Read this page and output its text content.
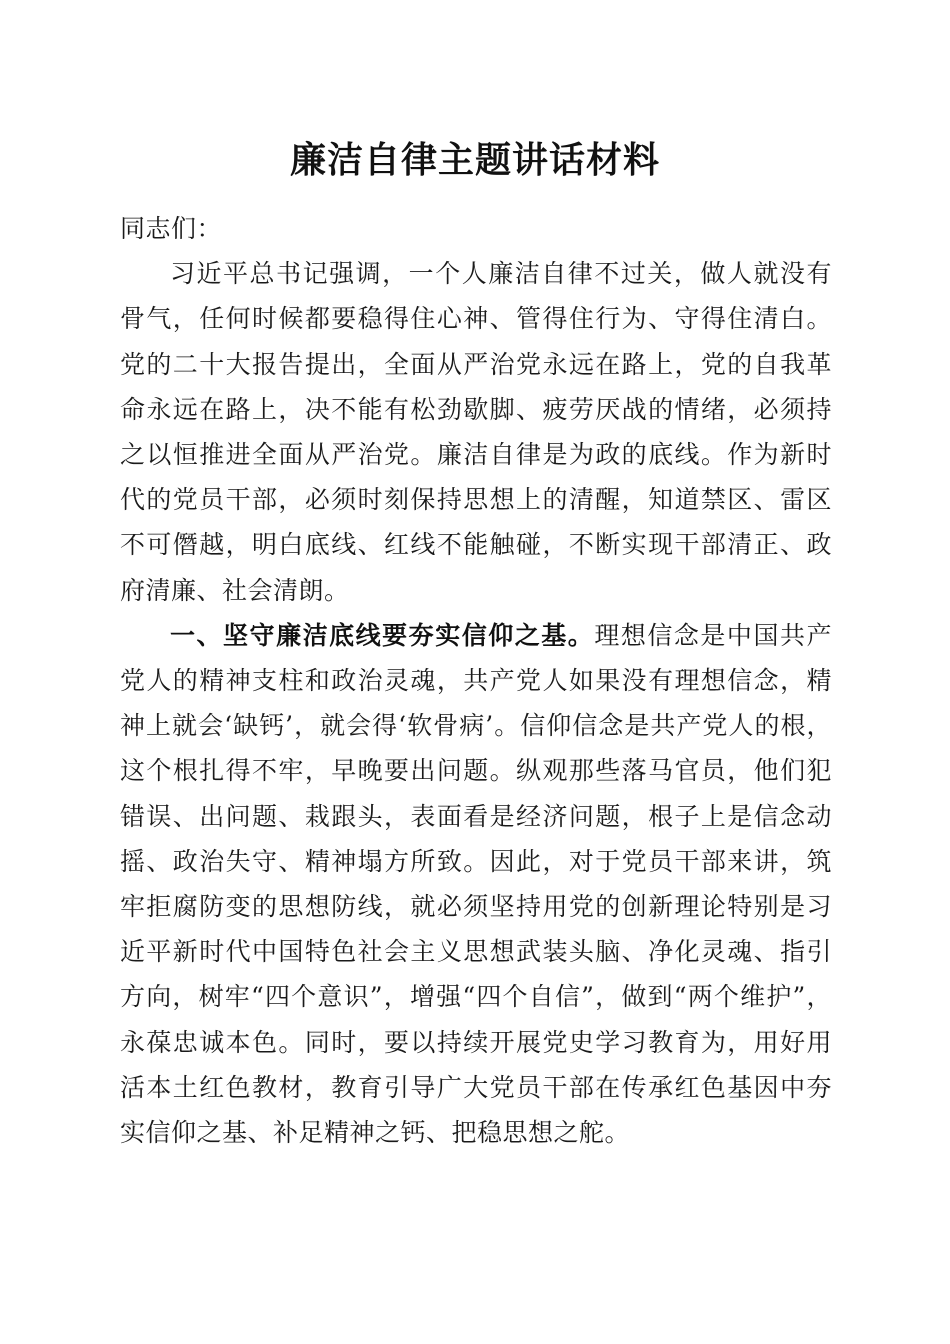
廉洁自律主题讲话材料

同志们：

习近平总书记强调，一个人廉洁自律不过关，做人就没有骨气，任何时候都要稳得住心神、管得住行为、守得住清白。党的二十大报告提出，全面从严治党永远在路上，党的自我革命永远在路上，决不能有松劲歇脚、疲劳厌战的情绪，必须持之以恒推进全面从严治党。廉洁自律是为政的底线。作为新时代的党员干部，必须时刻保持思想上的清醒，知道禁区、雷区不可僭越，明白底线、红线不能触碰，不断实现干部清正、政府清廉、社会清朗。

一、坚守廉洁底线要夯实信仰之基。理想信念是中国共产党人的精神支柱和政治灵魂，共产党人如果没有理想信念，精神上就会‘缺钙’，就会得‘软骨病’。信仰信念是共产党人的根，这个根扎得不牢，早晚要出问题。纵观那些落马官员，他们犯错误、出问题、栽跟头，表面看是经济问题，根子上是信念动摇、政治失守、精神塌方所致。因此，对于党员干部来讲，筑牢拒腐防变的思想防线，就必须坚持用党的创新理论特别是习近平新时代中国特色社会主义思想武装头脑、净化灵魂、指引方向，树牢“四个意识”，增强“四个自信”，做到“两个维护”，永葆忠诚本色。同时，要以持续开展党史学习教育为，用好用活本土红色教材，教育引导广大党员干部在传承红色基因中夯实信仰之基、补足精神之钙、把稳思想之舵。
